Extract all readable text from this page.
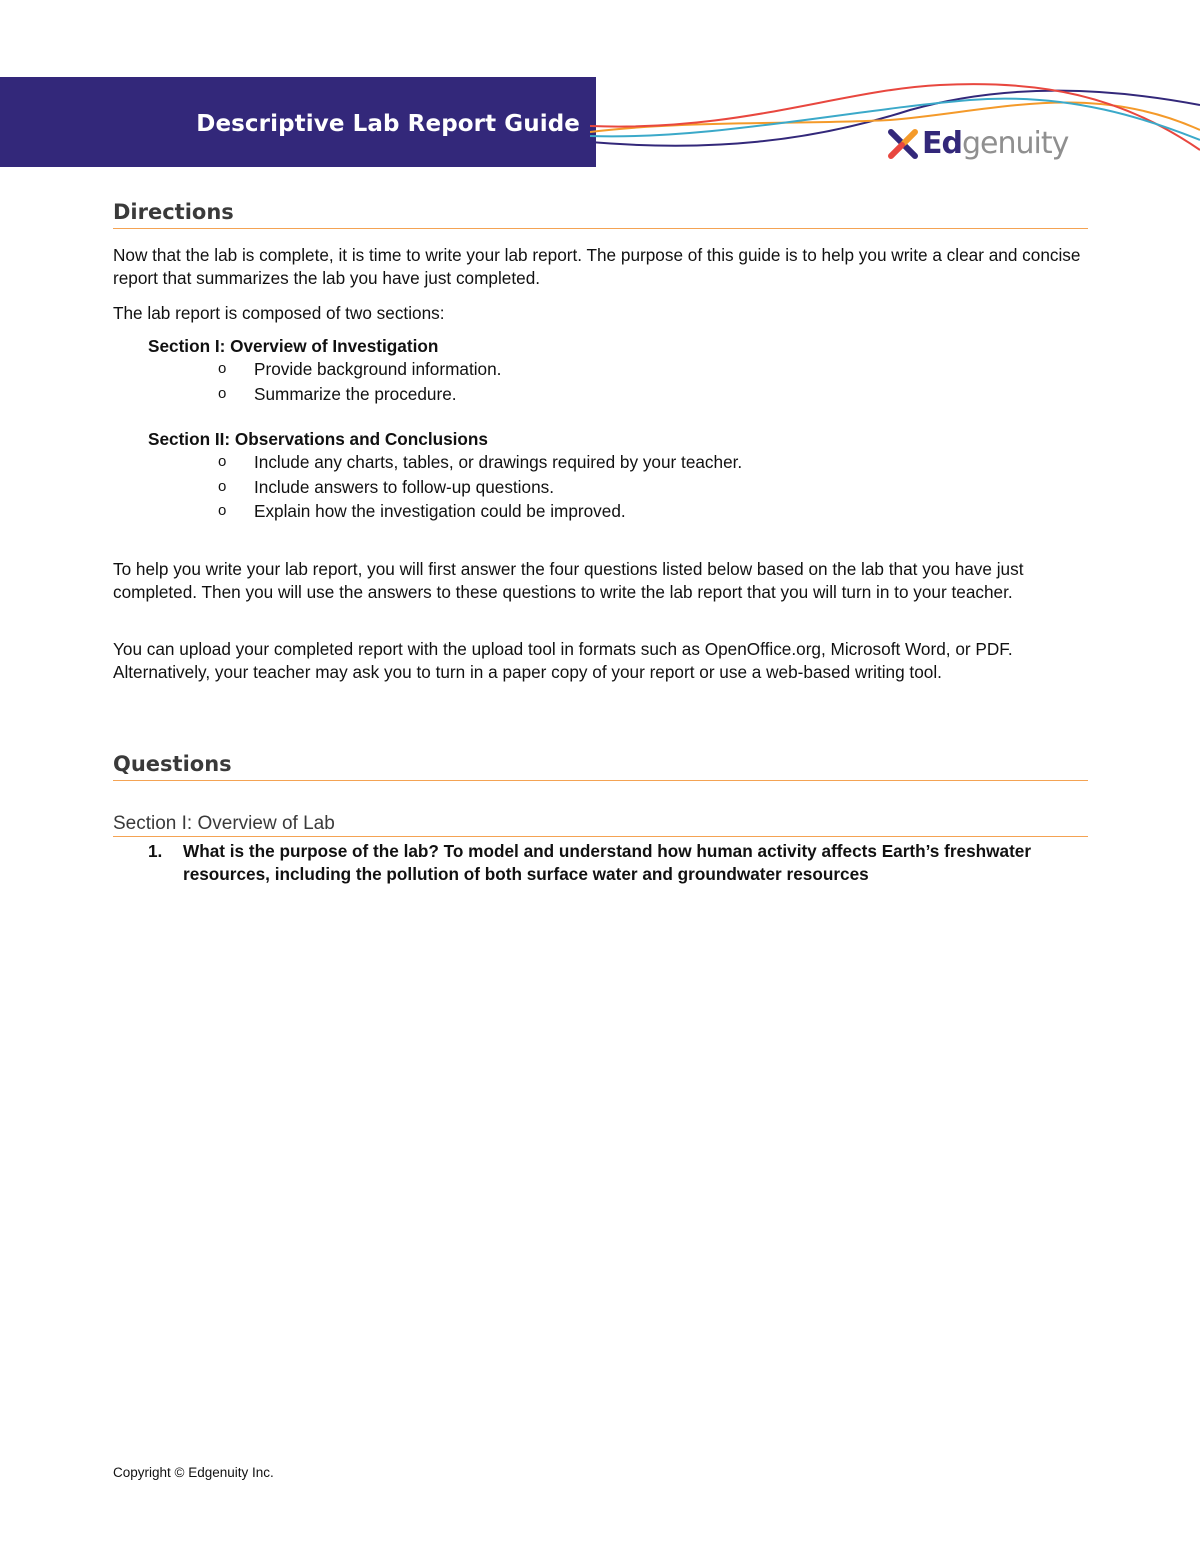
Descriptive Lab Report Guide
Edgenuity
Directions

Now that the lab is complete, it is time to write your lab report. The purpose of this guide is to help you write a clear and concise report that summarizes the lab you have just completed.

The lab report is composed of two sections:

Section I: Overview of Investigation
o Provide background information.
o Summarize the procedure.
Section II: Observations and Conclusions
o Include any charts, tables, or drawings required by your teacher.
o Include answers to follow-up questions.
o Explain how the investigation could be improved.

To help you write your lab report, you will first answer the four questions listed below based on the lab that you have just completed. Then you will use the answers to these questions to write the lab report that you will turn in to your teacher.

You can upload your completed report with the upload tool in formats such as OpenOffice.org, Microsoft Word, or PDF. Alternatively, your teacher may ask you to turn in a paper copy of your report or use a web-based writing tool.

Questions
Section I: Overview of Lab
1.	What is the purpose of the lab? To model and understand how human activity affects Earth’s freshwater resources, including the pollution of both surface water and groundwater resources
Copyright © Edgenuity Inc.
